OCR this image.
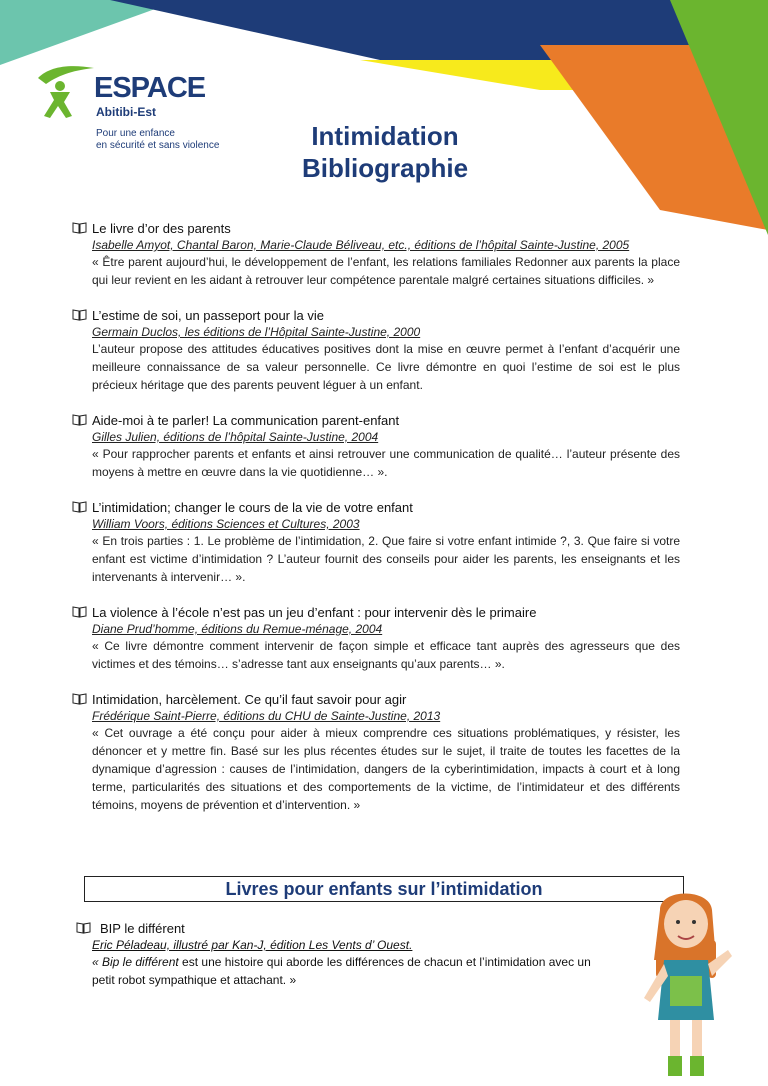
ESPACE
Abitibi-Est
Pour une enfance
en sécurité et sans violence	Intimidation
Bibliographie
Le livre d’or des parents
Isabelle Amyot, Chantal Baron, Marie-Claude Béliveau, etc., éditions de l’hôpital Sainte-Justine, 2005
« Être parent aujourd’hui, le développement de l’enfant, les relations familiales Redonner aux parents la place qui leur revient en les aidant à retrouver leur compétence parentale malgré certaines situations difficiles. »
L’estime de soi, un passeport pour la vie
Germain Duclos, les éditions de l’Hôpital Sainte-Justine, 2000
L’auteur propose des attitudes éducatives positives dont la mise en œuvre permet à l’enfant d’acquérir une meilleure connaissance de sa valeur personnelle. Ce livre démontre en quoi l’estime de soi est le plus précieux héritage que des parents peuvent léguer à un enfant.
Aide-moi à te parler! La communication parent-enfant
Gilles Julien, éditions de l’hôpital Sainte-Justine, 2004
« Pour rapprocher parents et enfants et ainsi retrouver une communication de qualité… l’auteur présente des moyens à mettre en œuvre dans la vie quotidienne… ».
L’intimidation; changer le cours de la vie de votre enfant
William Voors, éditions Sciences et Cultures, 2003
« En trois parties : 1. Le problème de l’intimidation, 2. Que faire si votre enfant intimide ?, 3. Que faire si votre enfant est victime d’intimidation ? L’auteur fournit des conseils pour aider les parents, les enseignants et les intervenants à intervenir… ».
La violence à l’école n’est pas un jeu d’enfant : pour intervenir dès le primaire
Diane Prud’homme, éditions du Remue-ménage, 2004
« Ce livre démontre comment intervenir de façon simple et efficace tant auprès des agresseurs que des victimes et des témoins… s’adresse tant aux enseignants qu’aux parents… ».
Intimidation, harcèlement. Ce qu’il faut savoir pour agir
Frédérique Saint-Pierre, éditions du CHU de Sainte-Justine, 2013
« Cet ouvrage a été conçu pour aider à mieux comprendre ces situations problématiques, y résister, les dénoncer et y mettre fin. Basé sur les plus récentes études sur le sujet, il traite de toutes les facettes de la dynamique d’agression : causes de l’intimidation, dangers de la cyberintimidation, impacts à court et à long terme, particularités des situations et des comportements de la victime, de l’intimidateur et des différents témoins, moyens de prévention et d’intervention. »
Livres pour enfants sur l’intimidation
BIP le différent
Eric Péladeau, illustré par Kan-J, édition Les Vents d’ Ouest.
« Bip le différent est une histoire qui aborde les différences de chacun et l’intimidation avec un petit robot sympathique et attachant. »
